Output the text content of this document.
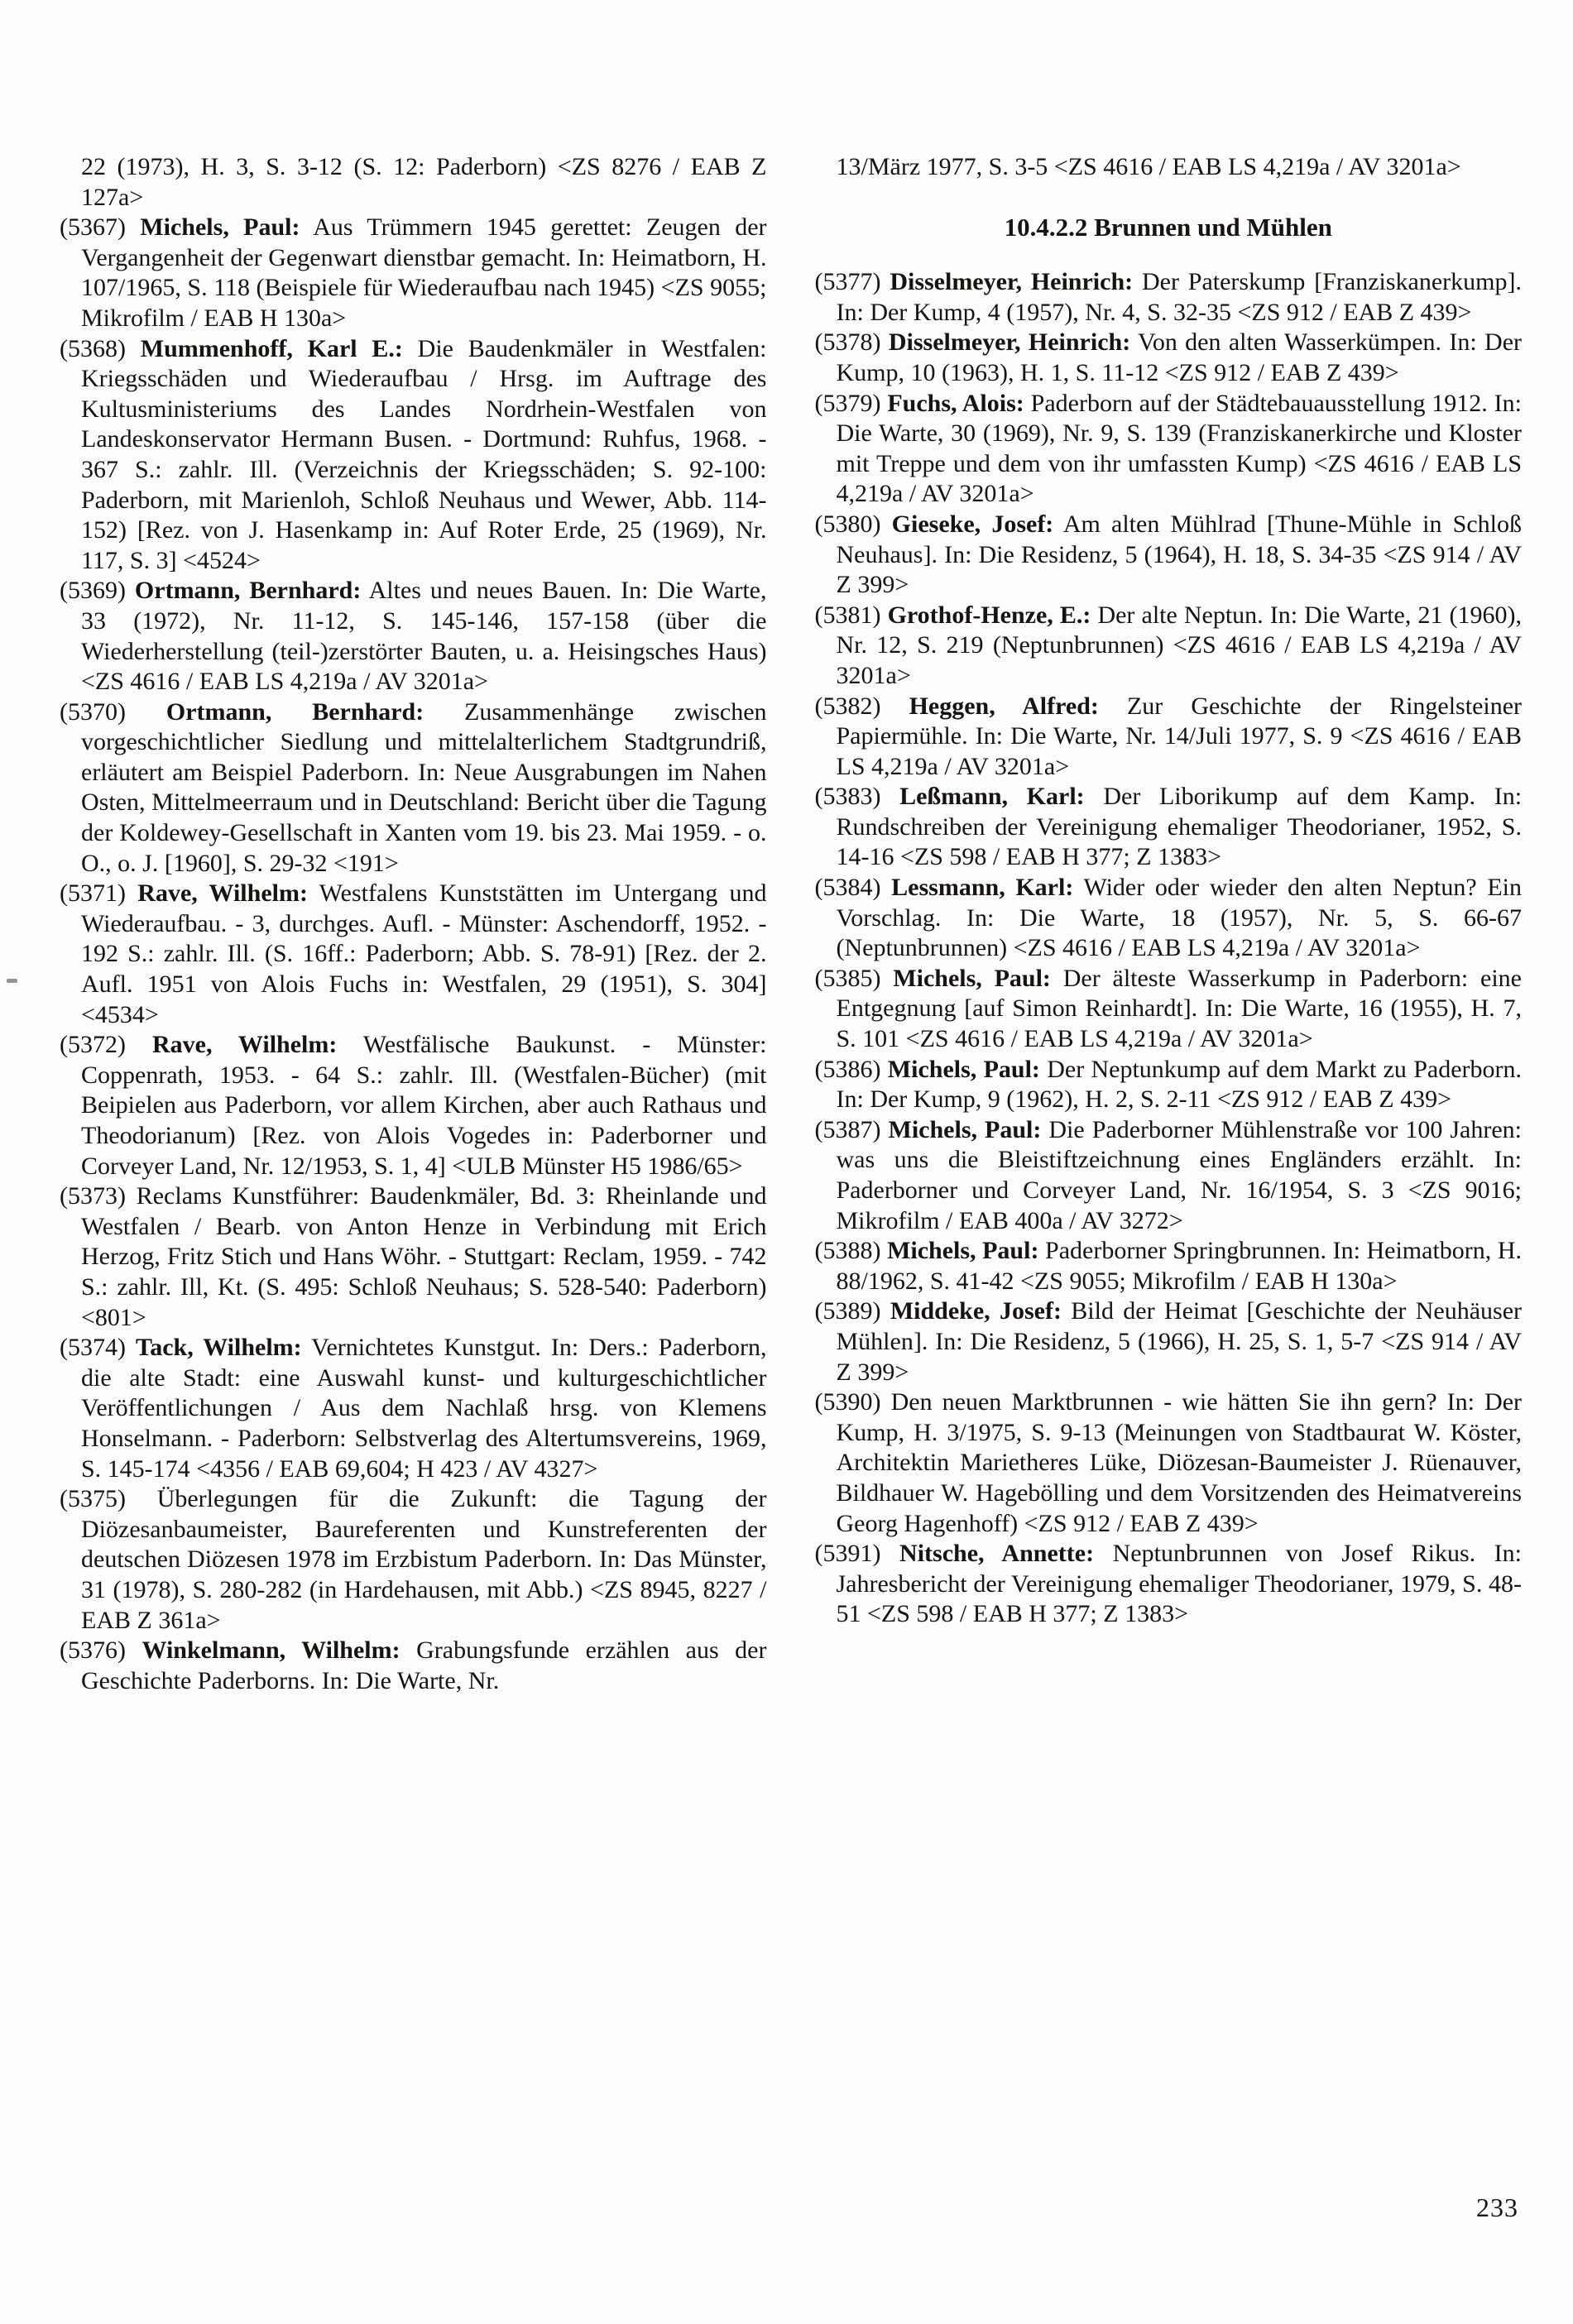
22 (1973), H. 3, S. 3-12 (S. 12: Paderborn) <ZS 8276 / EAB Z 127a>

(5367) Michels, Paul: Aus Trümmern 1945 gerettet: Zeugen der Vergangenheit der Gegenwart dienstbar gemacht. In: Heimatborn, H. 107/1965, S. 118 (Beispiele für Wiederaufbau nach 1945) <ZS 9055; Mikrofilm / EAB H 130a>

(5368) Mummenhoff, Karl E.: Die Baudenkmäler in Westfalen: Kriegsschäden und Wiederaufbau / Hrsg. im Auftrage des Kultusministeriums des Landes Nordrhein-Westfalen von Landeskonservator Hermann Busen. - Dortmund: Ruhfus, 1968. - 367 S.: zahlr. Ill. (Verzeichnis der Kriegsschäden; S. 92-100: Paderborn, mit Marienloh, Schloß Neuhaus und Wewer, Abb. 114-152) [Rez. von J. Hasenkamp in: Auf Roter Erde, 25 (1969), Nr. 117, S. 3] <4524>

(5369) Ortmann, Bernhard: Altes und neues Bauen. In: Die Warte, 33 (1972), Nr. 11-12, S. 145-146, 157-158 (über die Wiederherstellung (teil-)zerstörter Bauten, u. a. Heisingsches Haus) <ZS 4616 / EAB LS 4,219a / AV 3201a>

(5370) Ortmann, Bernhard: Zusammenhänge zwischen vorgeschichtlicher Siedlung und mittelalterlichem Stadtgrundriß, erläutert am Beispiel Paderborn. In: Neue Ausgrabungen im Nahen Osten, Mittelmeerraum und in Deutschland: Bericht über die Tagung der Koldewey-Gesellschaft in Xanten vom 19. bis 23. Mai 1959. - o. O., o. J. [1960], S. 29-32 <191>

(5371) Rave, Wilhelm: Westfalens Kunststätten im Untergang und Wiederaufbau. - 3, durchges. Aufl. - Münster: Aschendorff, 1952. - 192 S.: zahlr. Ill. (S. 16ff.: Paderborn; Abb. S. 78-91) [Rez. der 2. Aufl. 1951 von Alois Fuchs in: Westfalen, 29 (1951), S. 304] <4534>

(5372) Rave, Wilhelm: Westfälische Baukunst. - Münster: Coppenrath, 1953. - 64 S.: zahlr. Ill. (Westfalen-Bücher) (mit Beipielen aus Paderborn, vor allem Kirchen, aber auch Rathaus und Theodorianum) [Rez. von Alois Vogedes in: Paderborner und Corveyer Land, Nr. 12/1953, S. 1, 4] <ULB Münster H5 1986/65>

(5373) Reclams Kunstführer: Baudenkmäler, Bd. 3: Rheinlande und Westfalen / Bearb. von Anton Henze in Verbindung mit Erich Herzog, Fritz Stich und Hans Wöhr. - Stuttgart: Reclam, 1959. - 742 S.: zahlr. Ill, Kt. (S. 495: Schloß Neuhaus; S. 528-540: Paderborn) <801>

(5374) Tack, Wilhelm: Vernichtetes Kunstgut. In: Ders.: Paderborn, die alte Stadt: eine Auswahl kunst- und kulturgeschichtlicher Veröffentlichungen / Aus dem Nachlaß hrsg. von Klemens Honselmann. - Paderborn: Selbstverlag des Altertumsvereins, 1969, S. 145-174 <4356 / EAB 69,604; H 423 / AV 4327>

(5375) Überlegungen für die Zukunft: die Tagung der Diözesanbaumeister, Baureferenten und Kunstreferenten der deutschen Diözesen 1978 im Erzbistum Paderborn. In: Das Münster, 31 (1978), S. 280-282 (in Hardehausen, mit Abb.) <ZS 8945, 8227 / EAB Z 361a>

(5376) Winkelmann, Wilhelm: Grabungsfunde erzählen aus der Geschichte Paderborns. In: Die Warte, Nr.

13/März 1977, S. 3-5 <ZS 4616 / EAB LS 4,219a / AV 3201a>

10.4.2.2 Brunnen und Mühlen

(5377) Disselmeyer, Heinrich: Der Paterskump [Franziskanerkump]. In: Der Kump, 4 (1957), Nr. 4, S. 32-35 <ZS 912 / EAB Z 439>

(5378) Disselmeyer, Heinrich: Von den alten Wasserkümpen. In: Der Kump, 10 (1963), H. 1, S. 11-12 <ZS 912 / EAB Z 439>

(5379) Fuchs, Alois: Paderborn auf der Städtebauausstellung 1912. In: Die Warte, 30 (1969), Nr. 9, S. 139 (Franziskanerkirche und Kloster mit Treppe und dem von ihr umfassten Kump) <ZS 4616 / EAB LS 4,219a / AV 3201a>

(5380) Gieseke, Josef: Am alten Mühlrad [Thune-Mühle in Schloß Neuhaus]. In: Die Residenz, 5 (1964), H. 18, S. 34-35 <ZS 914 / AV Z 399>

(5381) Grothof-Henze, E.: Der alte Neptun. In: Die Warte, 21 (1960), Nr. 12, S. 219 (Neptunbrunnen) <ZS 4616 / EAB LS 4,219a / AV 3201a>

(5382) Heggen, Alfred: Zur Geschichte der Ringelsteiner Papiermühle. In: Die Warte, Nr. 14/Juli 1977, S. 9 <ZS 4616 / EAB LS 4,219a / AV 3201a>

(5383) Leßmann, Karl: Der Liborikump auf dem Kamp. In: Rundschreiben der Vereinigung ehemaliger Theodorianer, 1952, S. 14-16 <ZS 598 / EAB H 377; Z 1383>

(5384) Lessmann, Karl: Wider oder wieder den alten Neptun? Ein Vorschlag. In: Die Warte, 18 (1957), Nr. 5, S. 66-67 (Neptunbrunnen) <ZS 4616 / EAB LS 4,219a / AV 3201a>

(5385) Michels, Paul: Der älteste Wasserkump in Paderborn: eine Entgegnung [auf Simon Reinhardt]. In: Die Warte, 16 (1955), H. 7, S. 101 <ZS 4616 / EAB LS 4,219a / AV 3201a>

(5386) Michels, Paul: Der Neptunkump auf dem Markt zu Paderborn. In: Der Kump, 9 (1962), H. 2, S. 2-11 <ZS 912 / EAB Z 439>

(5387) Michels, Paul: Die Paderborner Mühlenstraße vor 100 Jahren: was uns die Bleistiftzeichnung eines Engländers erzählt. In: Paderborner und Corveyer Land, Nr. 16/1954, S. 3 <ZS 9016; Mikrofilm / EAB 400a / AV 3272>

(5388) Michels, Paul: Paderborner Springbrunnen. In: Heimatborn, H. 88/1962, S. 41-42 <ZS 9055; Mikrofilm / EAB H 130a>

(5389) Middeke, Josef: Bild der Heimat [Geschichte der Neuhäuser Mühlen]. In: Die Residenz, 5 (1966), H. 25, S. 1, 5-7 <ZS 914 / AV Z 399>

(5390) Den neuen Marktbrunnen - wie hätten Sie ihn gern? In: Der Kump, H. 3/1975, S. 9-13 (Meinungen von Stadtbaurat W. Köster, Architektin Marietheres Lüke, Diözesan-Baumeister J. Rüenauver, Bildhauer W. Hagebölling und dem Vorsitzenden des Heimatvereins Georg Hagenhoff) <ZS 912 / EAB Z 439>

(5391) Nitsche, Annette: Neptunbrunnen von Josef Rikus. In: Jahresbericht der Vereinigung ehemaliger Theodorianer, 1979, S. 48-51 <ZS 598 / EAB H 377; Z 1383>

233
